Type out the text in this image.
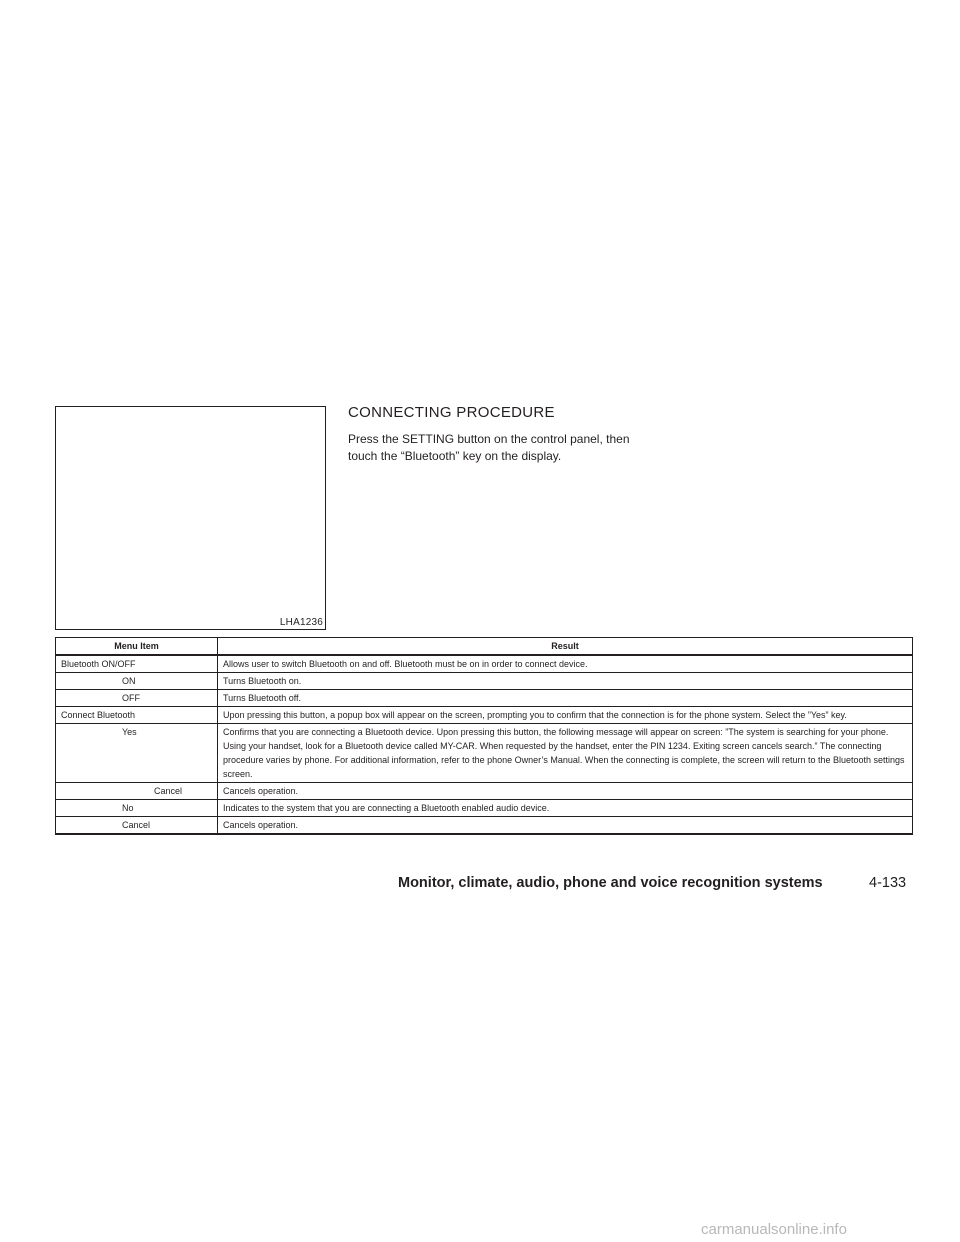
LHA1236
CONNECTING PROCEDURE

Press the SETTING button on the control panel, then touch the “Bluetooth” key on the display.

Menu Item	Result
Bluetooth ON/OFF	Allows user to switch Bluetooth on and off. Bluetooth must be on in order to connect device.
ON	Turns Bluetooth on.
OFF	Turns Bluetooth off.
Connect Bluetooth	Upon pressing this button, a popup box will appear on the screen, prompting you to confirm that the connection is for the phone system. Select the ”Yes” key.
Yes	Confirms that you are connecting a Bluetooth device. Upon pressing this button, the following message will appear on screen: ”The system is searching for your phone. Using your handset, look for a Bluetooth device called MY-CAR. When requested by the handset, enter the PIN 1234. Exiting screen cancels search.” The connecting procedure varies by phone. For additional information, refer to the phone Owner’s Manual. When the connecting is complete, the screen will return to the Bluetooth settings screen.
Cancel	Cancels operation.
No	Indicates to the system that you are connecting a Bluetooth enabled audio device.
Cancel	Cancels operation.

Monitor, climate, audio, phone and voice recognition systems	4-133

carmanualsonline.info
